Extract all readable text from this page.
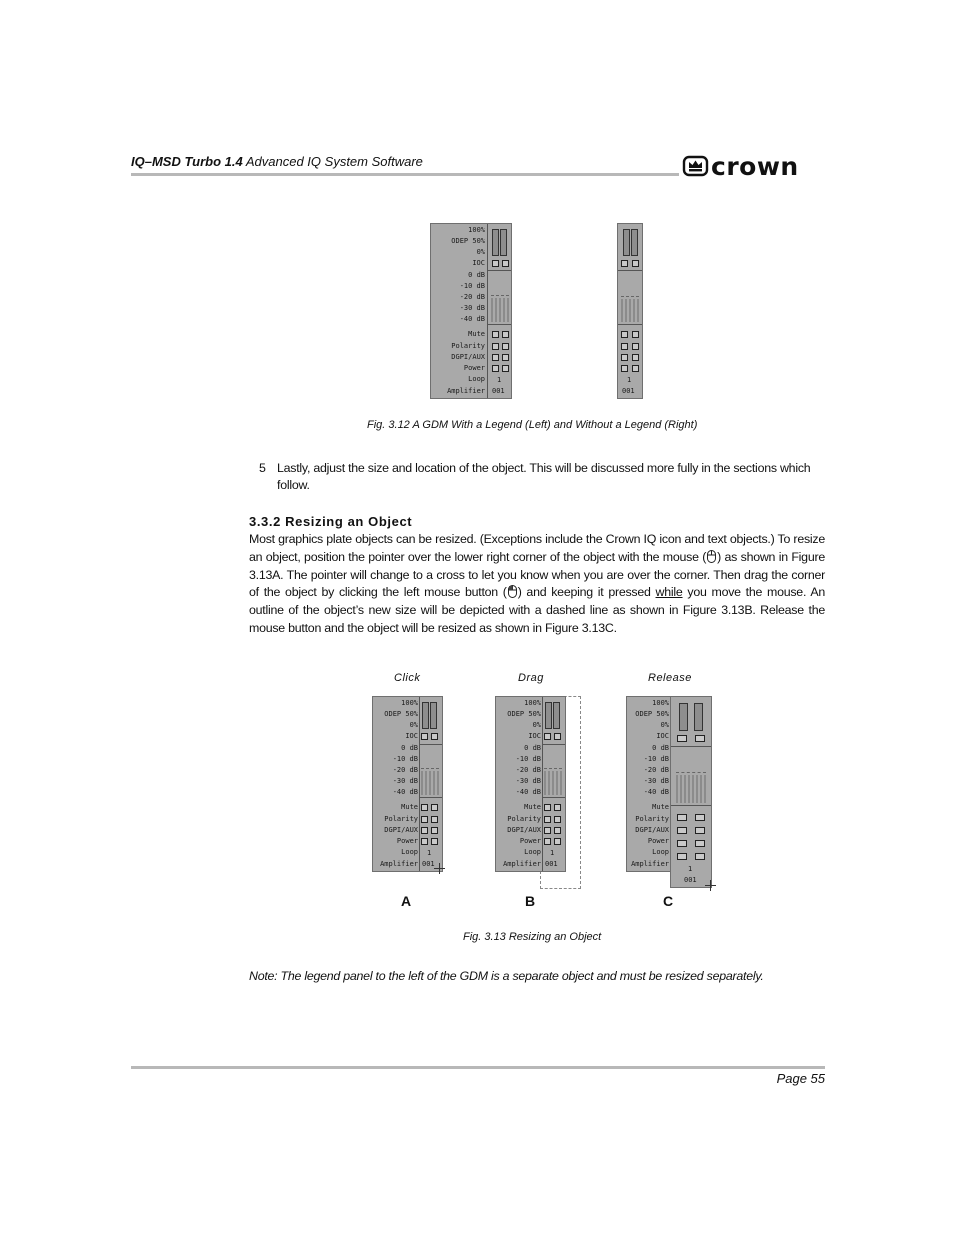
IQ–MSD Turbo 1.4 Advanced IQ System Software	crown
100%
ODEP 50%
0%
IOC
0 dB
-10 dB
-20 dB
-30 dB
-40 dB
Mute
Polarity
DGPI/AUX
Power
Loop
Amplifier
1
001
1
001
Fig. 3.12 A GDM With a Legend (Left) and Without a Legend (Right)
5 Lastly, adjust the size and location of the object. This will be discussed more fully in the sections which follow.
3.3.2 Resizing an Object
Most graphics plate objects can be resized. (Exceptions include the Crown IQ icon and text objects.) To resize an object, position the pointer over the lower right corner of the object with the mouse ( ) as shown in Figure 3.13A. The pointer will change to a cross to let you know when you are over the corner. Then drag the corner of the object by clicking the left mouse button ( ) and keeping it pressed while you move the mouse. An outline of the object’s new size will be depicted with a dashed line as shown in Figure 3.13B. Release the mouse button and the object will be resized as shown in Figure 3.13C.
Click	Drag	Release
100%
ODEP 50%
0%
IOC
0 dB
-10 dB
-20 dB
-30 dB
-40 dB
Mute
Polarity
DGPI/AUX
Power
Loop
Amplifier
1
001
100%
ODEP 50%
0%
IOC
0 dB
-10 dB
-20 dB
-30 dB
-40 dB
Mute
Polarity
DGPI/AUX
Power
Loop
Amplifier
1
001
100%
ODEP 50%
0%
IOC
0 dB
-10 dB
-20 dB
-30 dB
-40 dB
Mute
Polarity
DGPI/AUX
Power
Loop
Amplifier
1
001
A	B	C
Fig. 3.13 Resizing an Object
Note: The legend panel to the left of the GDM is a separate object and must be resized separately.
Page 55
